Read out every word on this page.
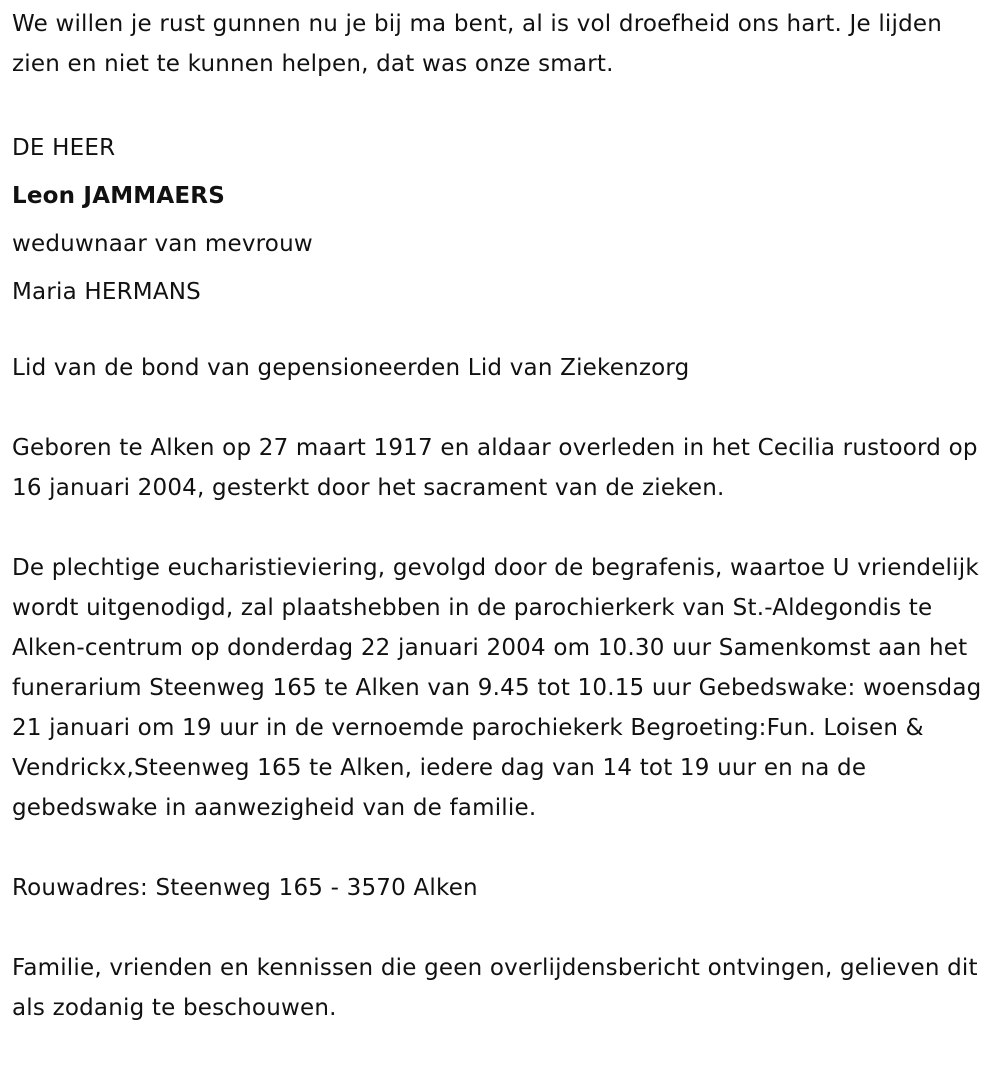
We willen je rust gunnen nu je bij ma bent, al is vol droefheid ons hart. Je lijden zien en niet te kunnen helpen, dat was onze smart.

DE HEER
Leon JAMMAERS
weduwnaar van mevrouw
Maria HERMANS

Lid van de bond van gepensioneerden Lid van Ziekenzorg

Geboren te Alken op 27 maart 1917 en aldaar overleden in het Cecilia rustoord op 16 januari 2004, gesterkt door het sacrament van de zieken.

De plechtige eucharistieviering, gevolgd door de begrafenis, waartoe U vriendelijk wordt uitgenodigd, zal plaatshebben in de parochierkerk van St.-Aldegondis te Alken-centrum op donderdag 22 januari 2004 om 10.30 uur Samenkomst aan het funerarium Steenweg 165 te Alken van 9.45 tot 10.15 uur Gebedswake: woensdag 21 januari om 19 uur in de vernoemde parochiekerk Begroeting:Fun. Loisen & Vendrickx,Steenweg 165 te Alken, iedere dag van 14 tot 19 uur en na de gebedswake in aanwezigheid van de familie.

Rouwadres: Steenweg 165 - 3570 Alken

Familie, vrienden en kennissen die geen overlijdensbericht ontvingen, gelieven dit als zodanig te beschouwen.
